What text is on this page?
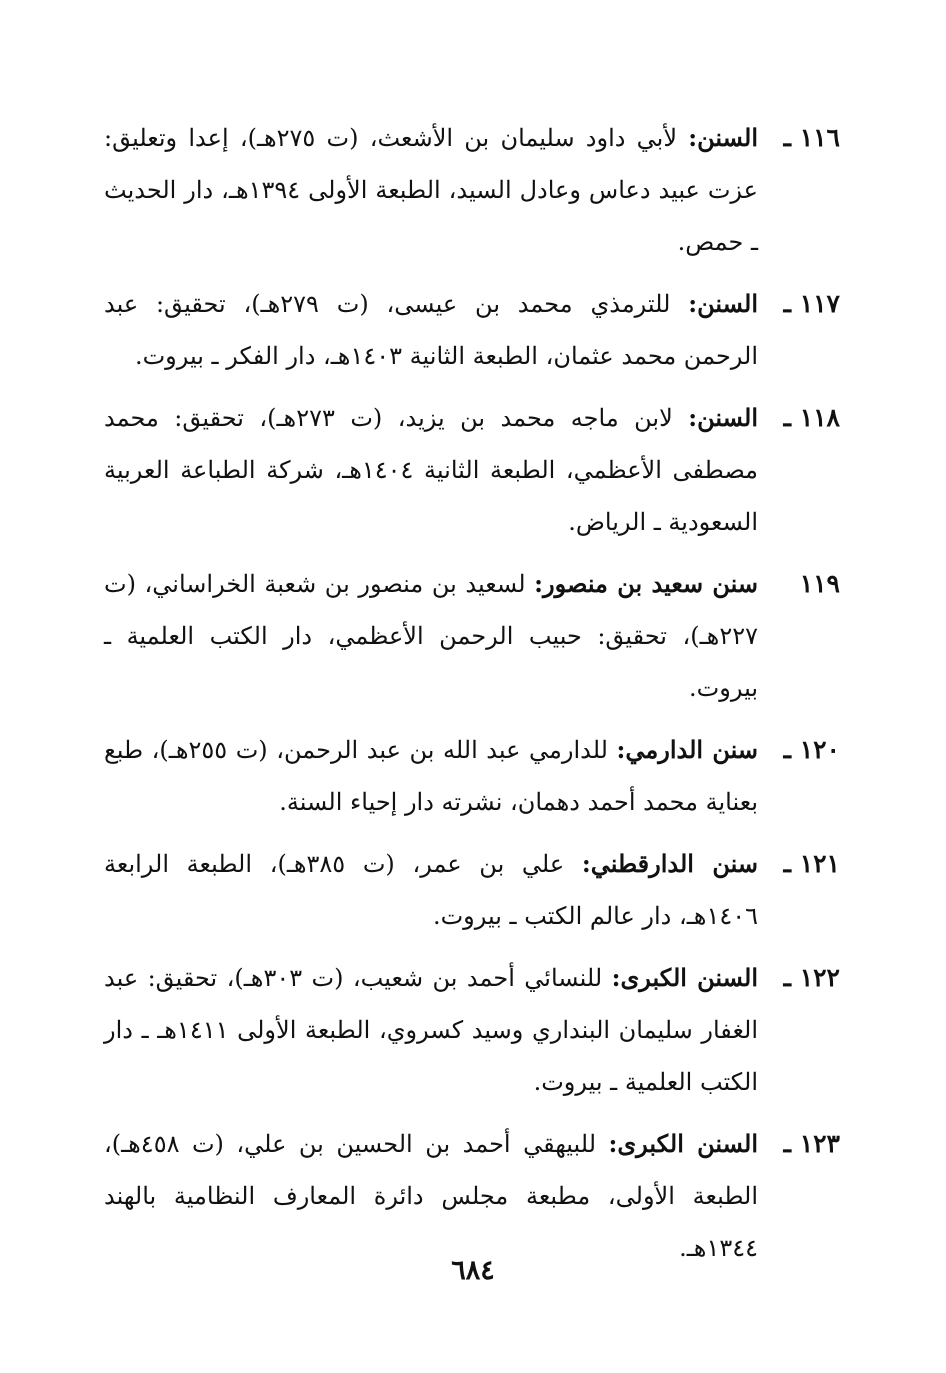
١١٦ ـ
السنن: لأبي داود سليمان بن الأشعث، (ت ٢٧٥هـ)، إعدا وتعليق: عزت عبيد دعاس وعادل السيد، الطبعة الأولى ١٣٩٤هـ، دار الحديث ـ حمص.
١١٧ ـ
السنن: للترمذي محمد بن عيسى، (ت ٢٧٩هـ)، تحقيق: عبد الرحمن محمد عثمان، الطبعة الثانية ١٤٠٣هـ، دار الفكر ـ بيروت.
١١٨ ـ
السنن: لابن ماجه محمد بن يزيد، (ت ٢٧٣هـ)، تحقيق: محمد مصطفى الأعظمي، الطبعة الثانية ١٤٠٤هـ، شركة الطباعة العربية السعودية ـ الرياض.
١١٩
سنن سعيد بن منصور: لسعيد بن منصور بن شعبة الخراساني، (ت ٢٢٧هـ)، تحقيق: حبيب الرحمن الأعظمي، دار الكتب العلمية ـ بيروت.
١٢٠ ـ
سنن الدارمي: للدارمي عبد الله بن عبد الرحمن، (ت ٢٥٥هـ)، طبع بعناية محمد أحمد دهمان، نشرته دار إحياء السنة.
١٢١ ـ
سنن الدارقطني: علي بن عمر، (ت ٣٨٥هـ)، الطبعة الرابعة ١٤٠٦هـ، دار عالم الكتب ـ بيروت.
١٢٢ ـ
السنن الكبرى: للنسائي أحمد بن شعيب، (ت ٣٠٣هـ)، تحقيق: عبد الغفار سليمان البنداري وسيد كسروي، الطبعة الأولى ١٤١١هـ ـ دار الكتب العلمية ـ بيروت.
١٢٣ ـ
السنن الكبرى: للبيهقي أحمد بن الحسين بن علي، (ت ٤٥٨هـ)، الطبعة الأولى، مطبعة مجلس دائرة المعارف النظامية بالهند ١٣٤٤هـ.
٦٨٤
